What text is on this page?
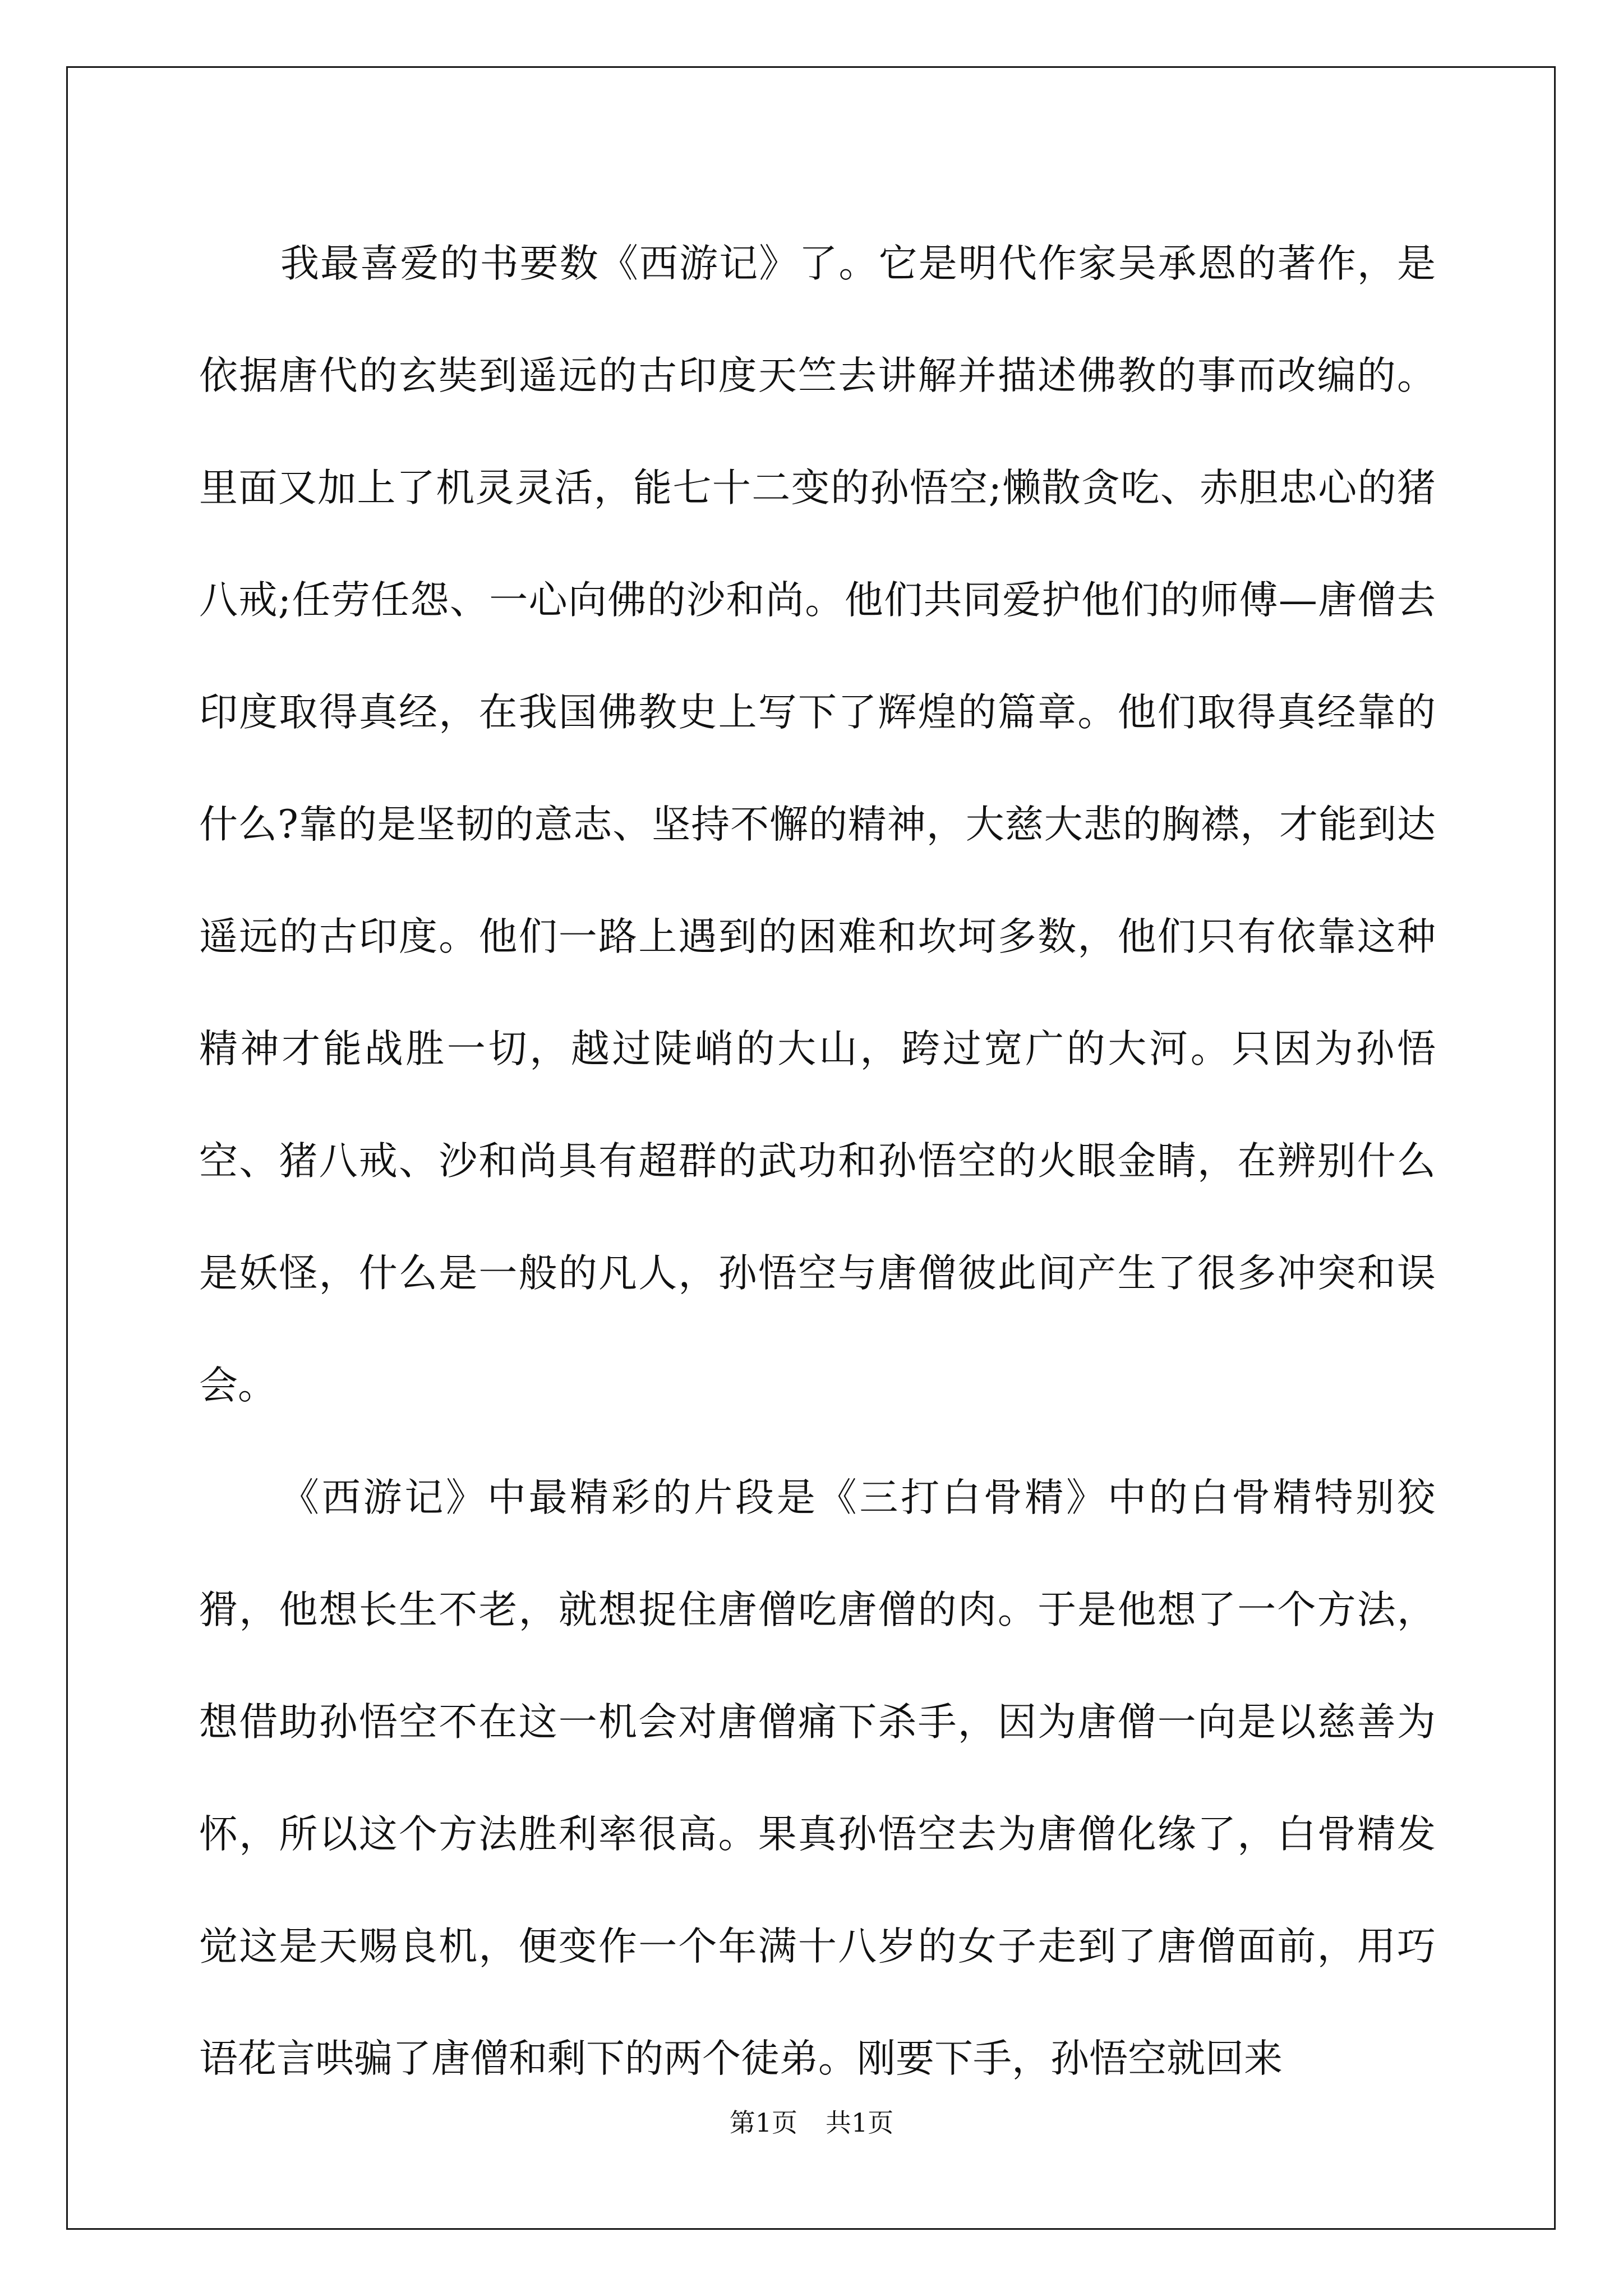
我最喜爱的书要数《西游记》了。它是明代作家吴承恩的著作，是依据唐代的玄奘到遥远的古印度天竺去讲解并描述佛教的事而改编的。里面又加上了机灵灵活，能七十二变的孙悟空;懒散贪吃、赤胆忠心的猪八戒;任劳任怨、一心向佛的沙和尚。他们共同爱护他们的师傅—唐僧去印度取得真经，在我国佛教史上写下了辉煌的篇章。他们取得真经靠的什么?靠的是坚韧的意志、坚持不懈的精神，大慈大悲的胸襟，才能到达遥远的古印度。他们一路上遇到的困难和坎坷多数，他们只有依靠这种精神才能战胜一切，越过陡峭的大山，跨过宽广的大河。只因为孙悟空、猪八戒、沙和尚具有超群的武功和孙悟空的火眼金睛，在辨别什么是妖怪，什么是一般的凡人，孙悟空与唐僧彼此间产生了很多冲突和误会。

《西游记》中最精彩的片段是《三打白骨精》中的白骨精特别狡猾，他想长生不老，就想捉住唐僧吃唐僧的肉。于是他想了一个方法，想借助孙悟空不在这一机会对唐僧痛下杀手，因为唐僧一向是以慈善为怀，所以这个方法胜利率很高。果真孙悟空去为唐僧化缘了，白骨精发觉这是天赐良机，便变作一个年满十八岁的女子走到了唐僧面前，用巧语花言哄骗了唐僧和剩下的两个徒弟。刚要下手，孙悟空就回来

第1页 共1页
